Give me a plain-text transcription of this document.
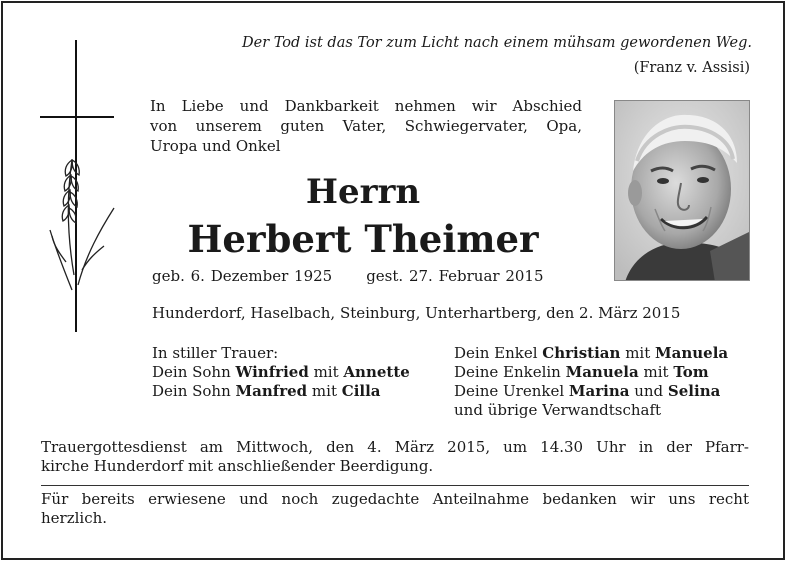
Der Tod ist das Tor zum Licht nach einem mühsam gewordenen Weg.
(Franz v. Assisi)
In Liebe und Dankbarkeit nehmen wir Abschied
von unserem guten Vater, Schwiegervater, Opa,
Uropa und Onkel
Herrn
Herbert Theimer
geb. 6. Dezember 1925 gest. 27. Februar 2015
Hunderdorf, Haselbach, Steinburg, Unterhartberg, den 2. März 2015
In stiller Trauer:
Dein Sohn Winfried mit Annette
Dein Sohn Manfred mit Cilla
Dein Enkel Christian mit Manuela
Deine Enkelin Manuela mit Tom
Deine Urenkel Marina und Selina
und übrige Verwandtschaft
Trauergottesdienst am Mittwoch, den 4. März 2015, um 14.30 Uhr in der Pfarr-
kirche Hunderdorf mit anschließender Beerdigung.
Für bereits erwiesene und noch zugedachte Anteilnahme bedanken wir uns recht
herzlich.
